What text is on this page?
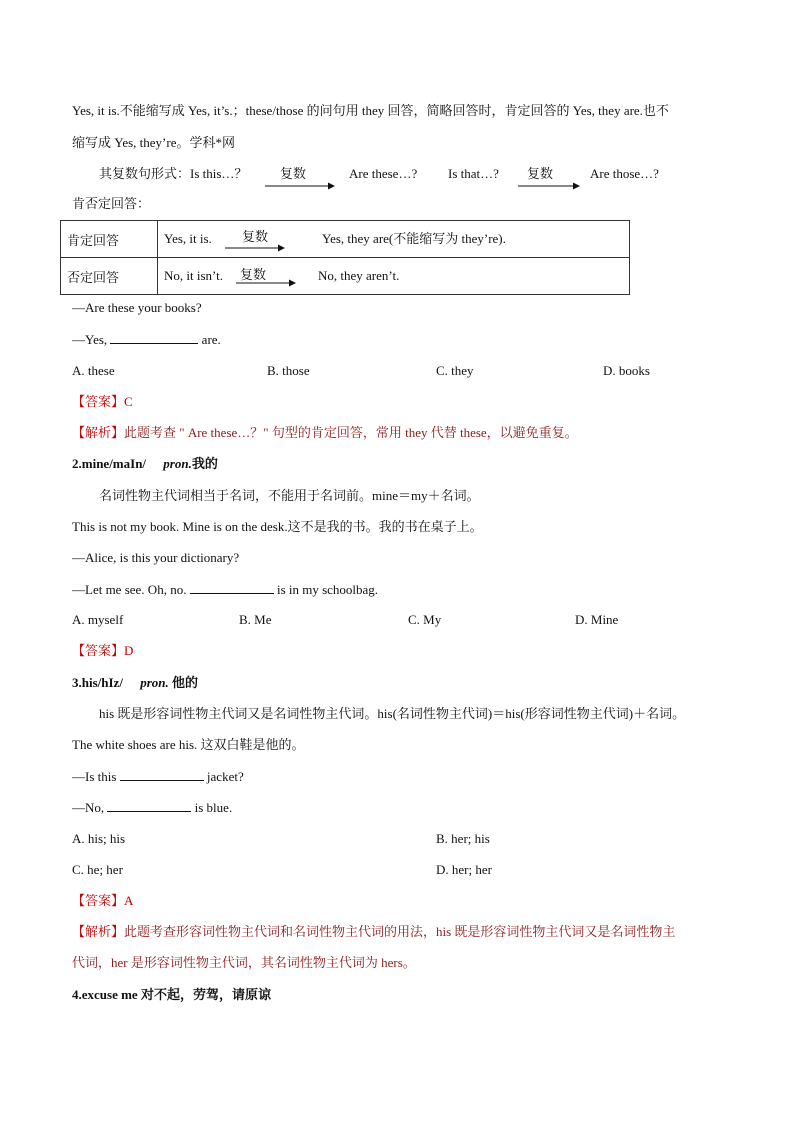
Yes, it is.不能缩写成 Yes, it’s.；these/those 的问句用 they 回答，简略回答时，肯定回答的 Yes, they are.也不
缩写成 Yes, they’re。学科*网
其复数句形式：Is this…？	复数	Are these…? Is that…? 复数	Are those…?
肯否定回答：
肯定回答	Yes, it is. 复数 Yes, they are(不能缩写为 they’re).

否定回答	No, it isn’t. 复数 No, they aren’t.
—Are these your books?
—Yes,	are.
A. these	B. those	C. they	D. books
【答案】C
【解析】此题考查 " Are these…？" 句型的肯定回答，常用 they 代替 these，以避免重复。
2.mine/maIn/ pron.我的
名词性物主代词相当于名词，不能用于名词前。mine＝my＋名词。
This is not my book. Mine is on the desk.这不是我的书。我的书在桌子上。
—Alice, is this your dictionary?
—Let me see. Oh, no.	is in my schoolbag.
A. myself	B. Me	C. My	D. Mine
【答案】D
3.his/hIz/ pron. 他的
his 既是形容词性物主代词又是名词性物主代词。his(名词性物主代词)＝his(形容词性物主代词)＋名词。
The white shoes are his. 这双白鞋是他的。
—Is this	jacket?
—No,	is blue.
A. his; his	B. her; his
C. he; her	D. her; her
【答案】A
【解析】此题考查形容词性物主代词和名词性物主代词的用法，his 既是形容词性物主代词又是名词性物主
代词，her 是形容词性物主代词，其名词性物主代词为 hers。
4.excuse me 对不起，劳驾，请原谅
